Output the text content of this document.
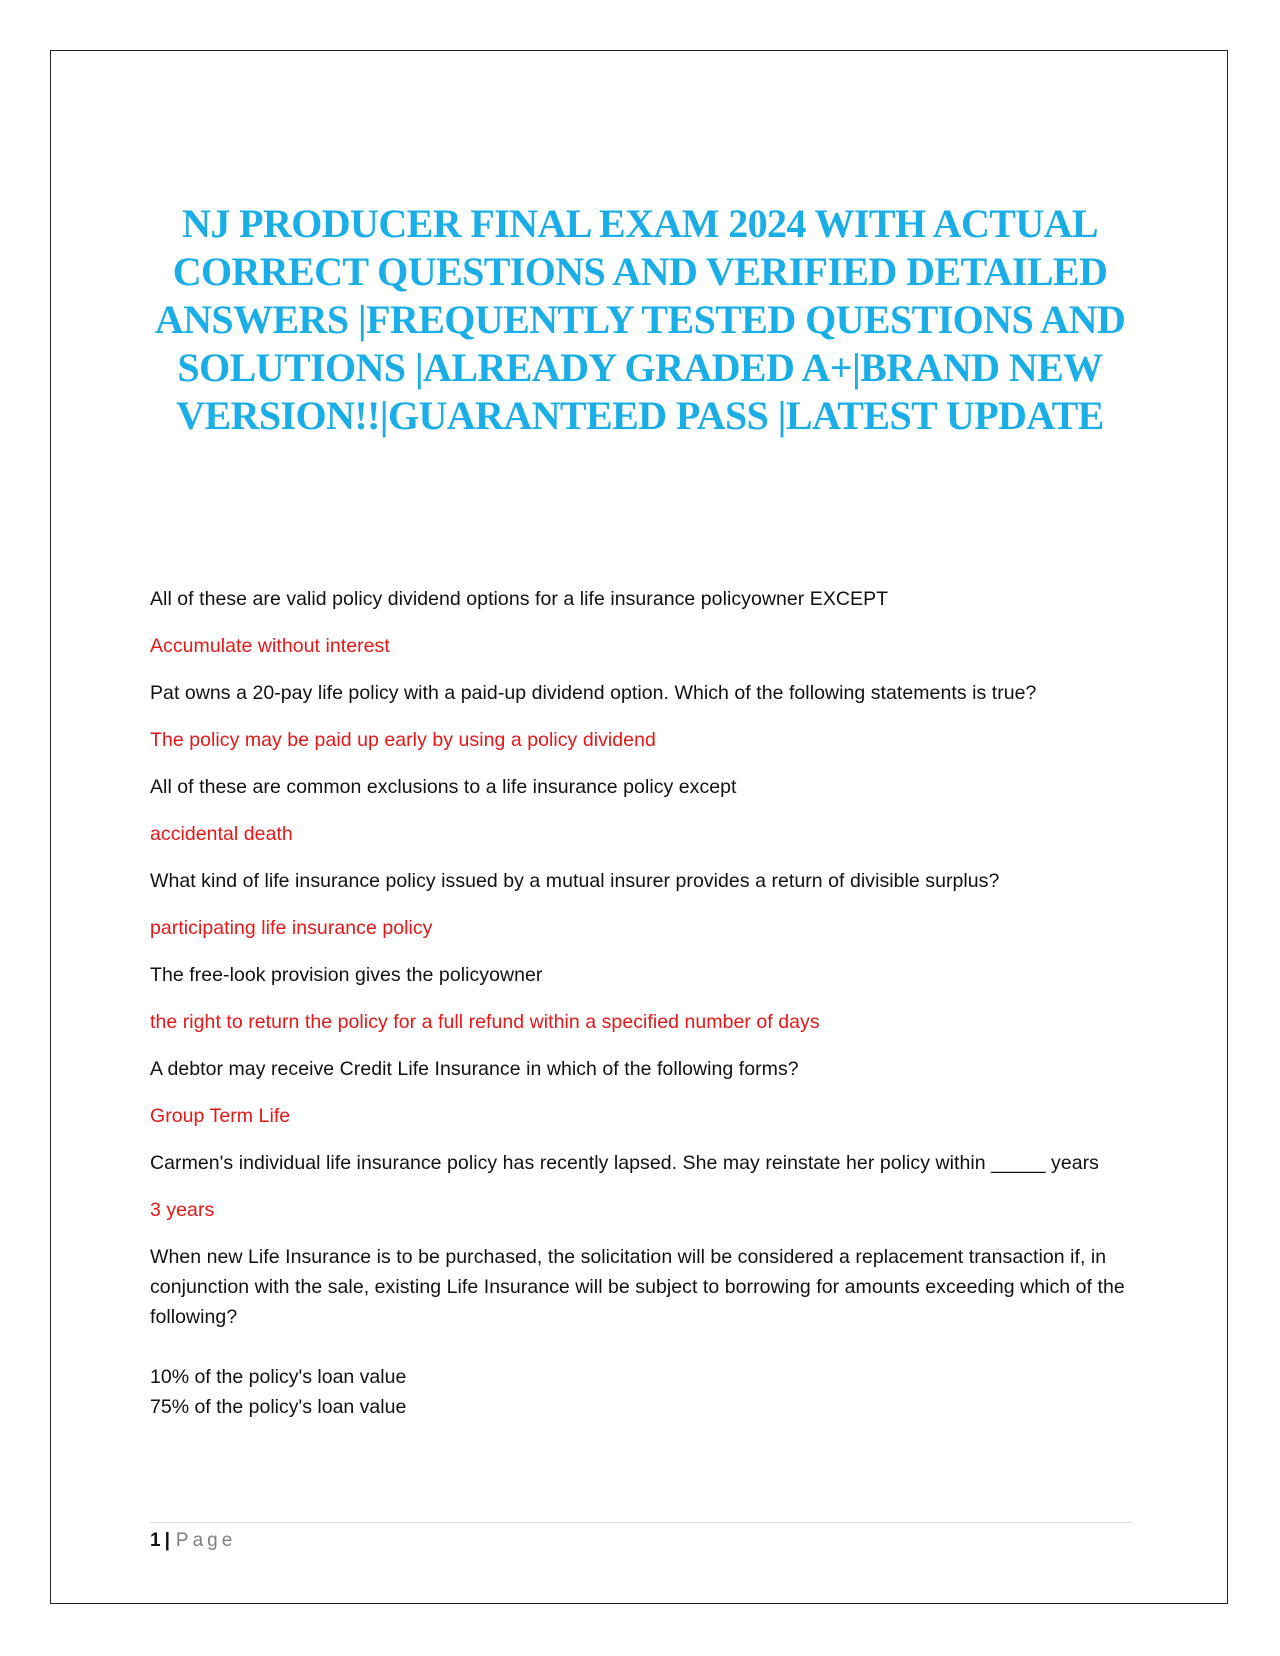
NJ PRODUCER FINAL EXAM 2024 WITH ACTUAL CORRECT QUESTIONS AND VERIFIED DETAILED ANSWERS |FREQUENTLY TESTED QUESTIONS AND SOLUTIONS |ALREADY GRADED A+|BRAND NEW VERSION!!|GUARANTEED PASS |LATEST UPDATE

All of these are valid policy dividend options for a life insurance policyowner EXCEPT

Accumulate without interest

Pat owns a 20-pay life policy with a paid-up dividend option. Which of the following statements is true?

The policy may be paid up early by using a policy dividend

All of these are common exclusions to a life insurance policy except

accidental death

What kind of life insurance policy issued by a mutual insurer provides a return of divisible surplus?

participating life insurance policy

The free-look provision gives the policyowner

the right to return the policy for a full refund within a specified number of days

A debtor may receive Credit Life Insurance in which of the following forms?

Group Term Life

Carmen's individual life insurance policy has recently lapsed. She may reinstate her policy within _____ years

3 years

When new Life Insurance is to be purchased, the solicitation will be considered a replacement transaction if, in conjunction with the sale, existing Life Insurance will be subject to borrowing for amounts exceeding which of the following?

10% of the policy's loan value
75% of the policy's loan value
1 | Page
